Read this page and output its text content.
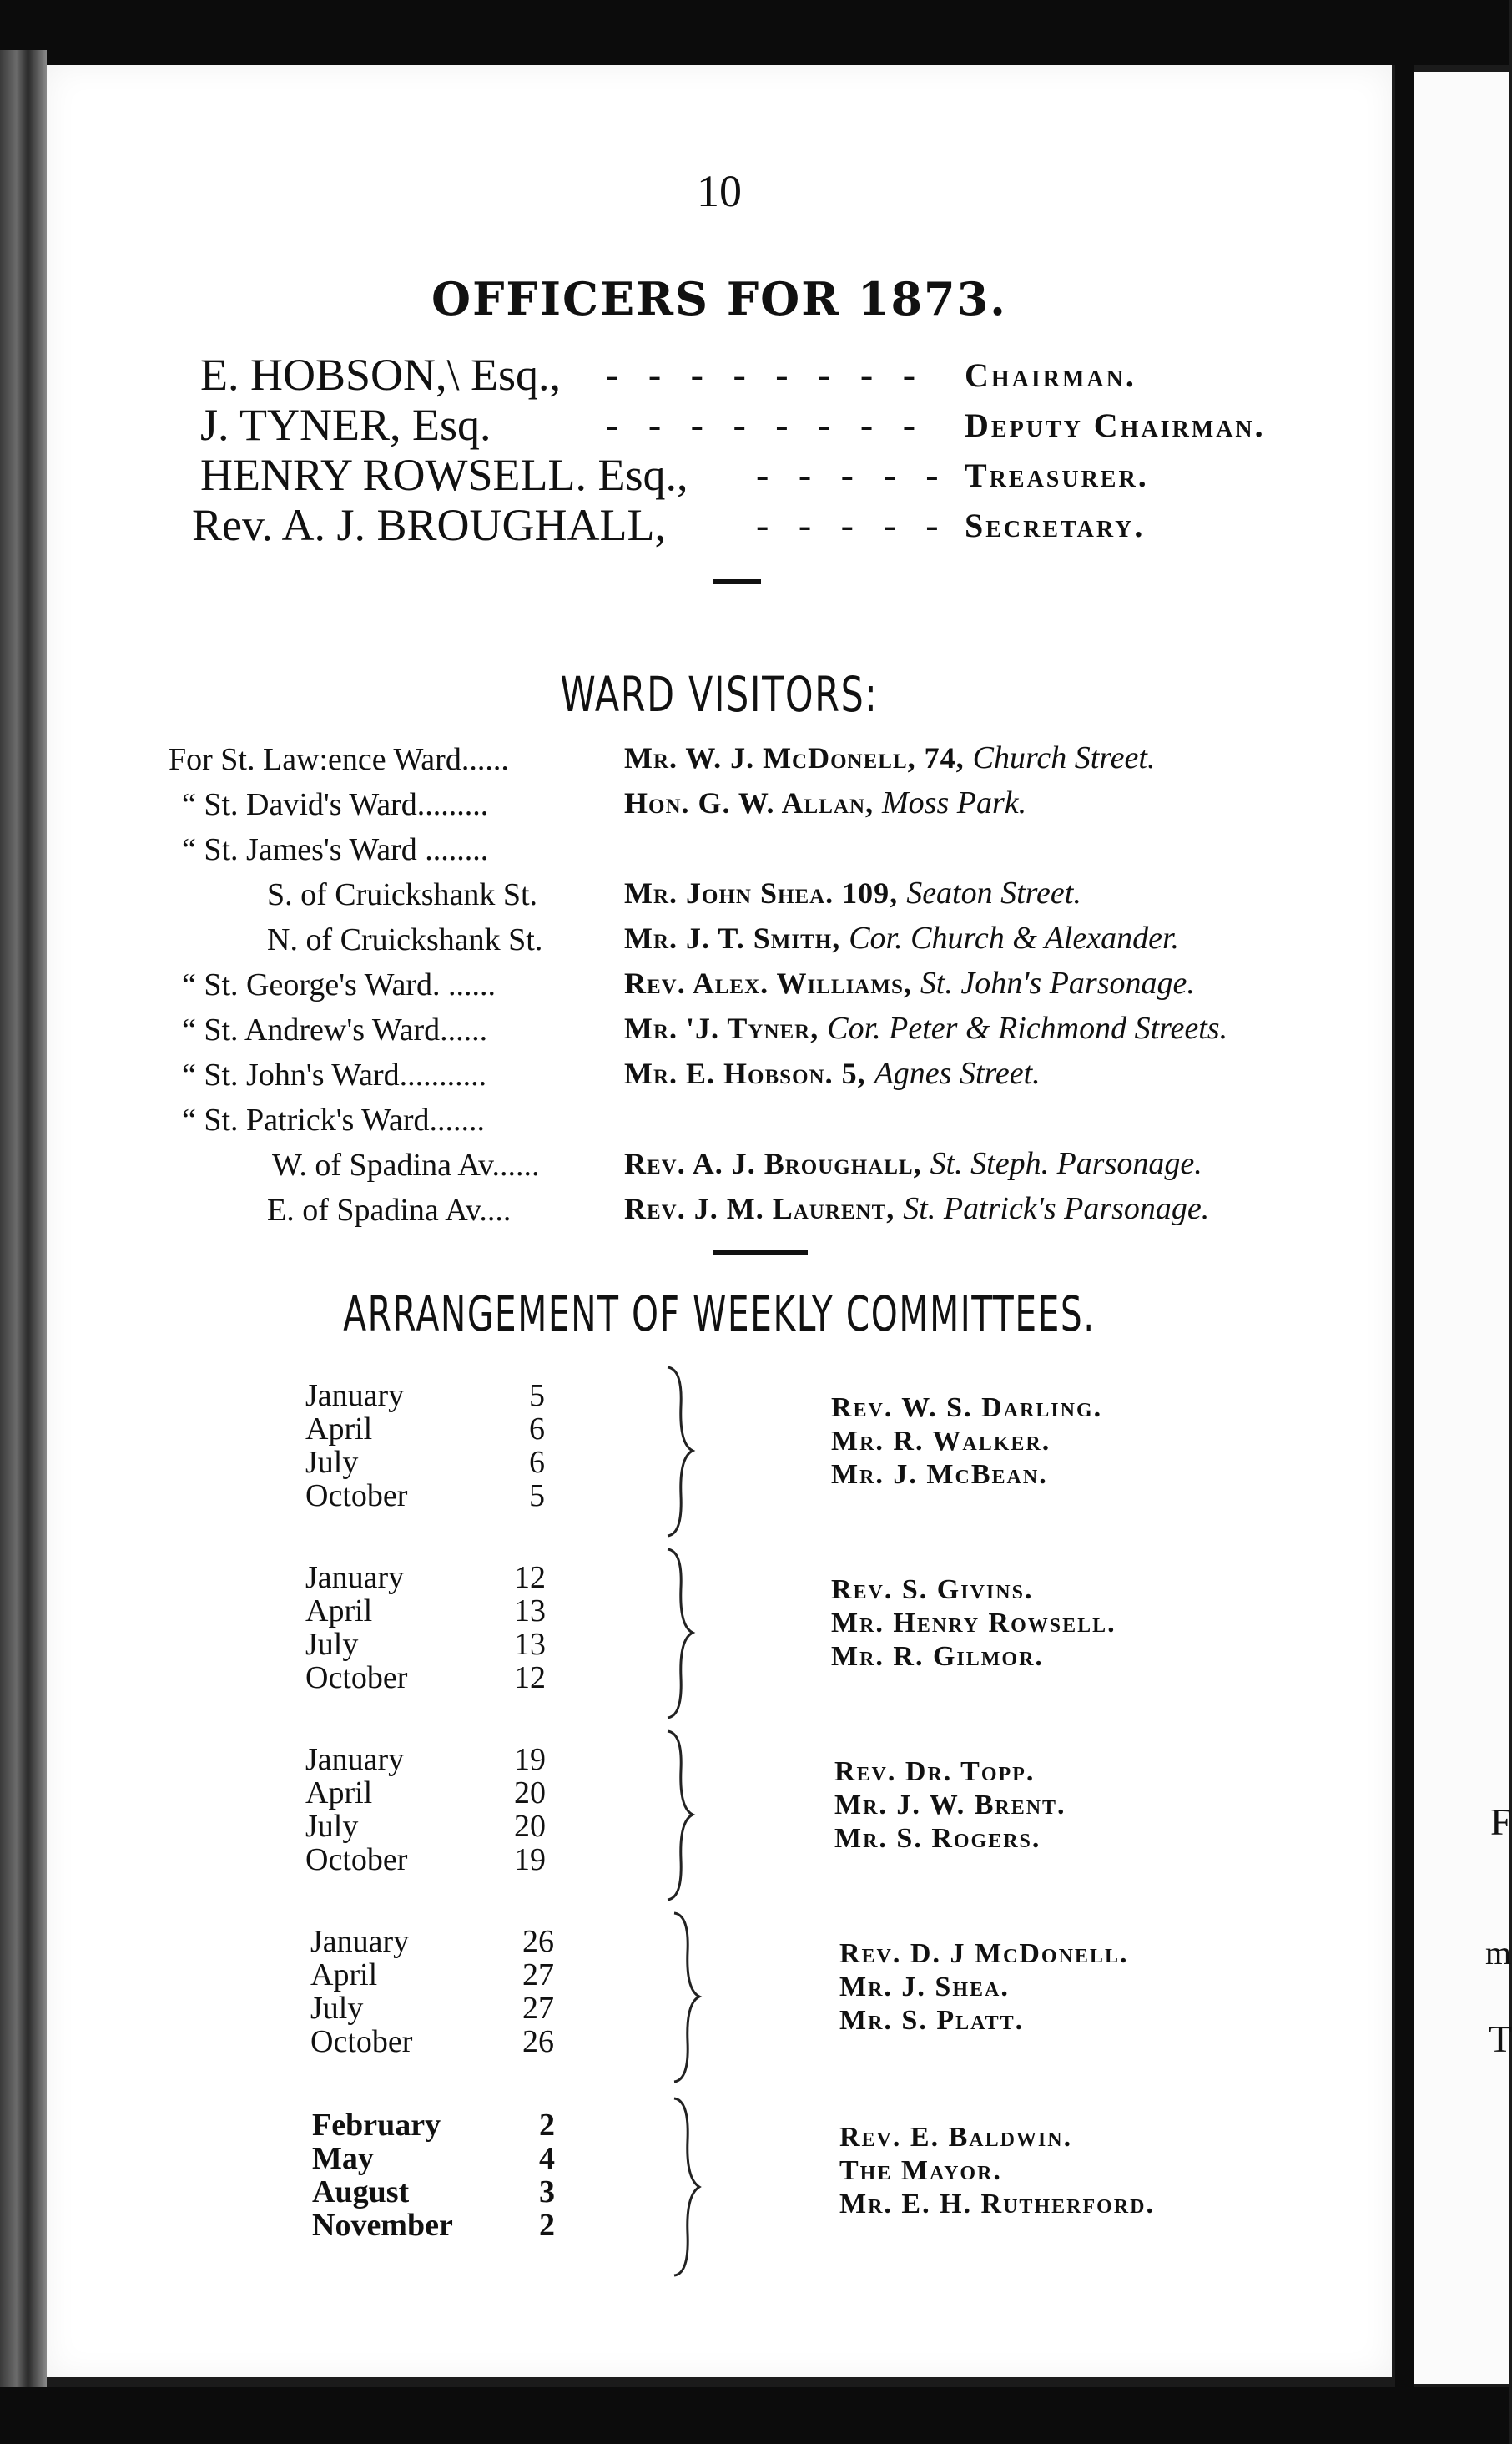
F
m
T
10
OFFICERS FOR 1873.
E. HOBSON,\ Esq., - - - - - - - - Chairman.
J. TYNER, Esq.	- - - - - - - - Deputy Chairman.
HENRY ROWSELL. Esq., - - - - - Treasurer.
Rev. A. J. BROUGHALL, - - - - - Secretary.
WARD VISITORS:
For St. Law:ence Ward......	Mr. W. J. McDonell, 74, Church Street.
“ St. David's Ward.........	Hon. G. W. Allan, Moss Park.
“ St. James's Ward ........
S. of Cruickshank St.	Mr. John Shea. 109, Seaton Street.
N. of Cruickshank St.	Mr. J. T. Smith, Cor. Church & Alexander.
“ St. George's Ward. ......	Rev. Alex. Williams, St. John's Parsonage.
“ St. Andrew's Ward......	Mr. 'J. Tyner, Cor. Peter & Richmond Streets.
“ St. John's Ward...........	Mr. E. Hobson. 5, Agnes Street.
“ St. Patrick's Ward.......
W. of Spadina Av......	Rev. A. J. Broughall, St. Steph. Parsonage.
E. of Spadina Av....	Rev. J. M. Laurent, St. Patrick's Parsonage.
ARRANGEMENT OF WEEKLY COMMITTEES.
January	5
April	6
July	6
October	5
Rev. W. S. Darling.
Mr. R. Walker.
Mr. J. McBean.
January	12
April	13
July	13
October	12
Rev. S. Givins.
Mr. Henry Rowsell.
Mr. R. Gilmor.
January	19
April	20
July	20
October	19
Rev. Dr. Topp.
Mr. J. W. Brent.
Mr. S. Rogers.
January	26
April	27
July	27
October	26
Rev. D. J McDonell.
Mr. J. Shea.
Mr. S. Platt.
February	2
May	4
August	3
November	2
Rev. E. Baldwin.
The Mayor.
Mr. E. H. Rutherford.
